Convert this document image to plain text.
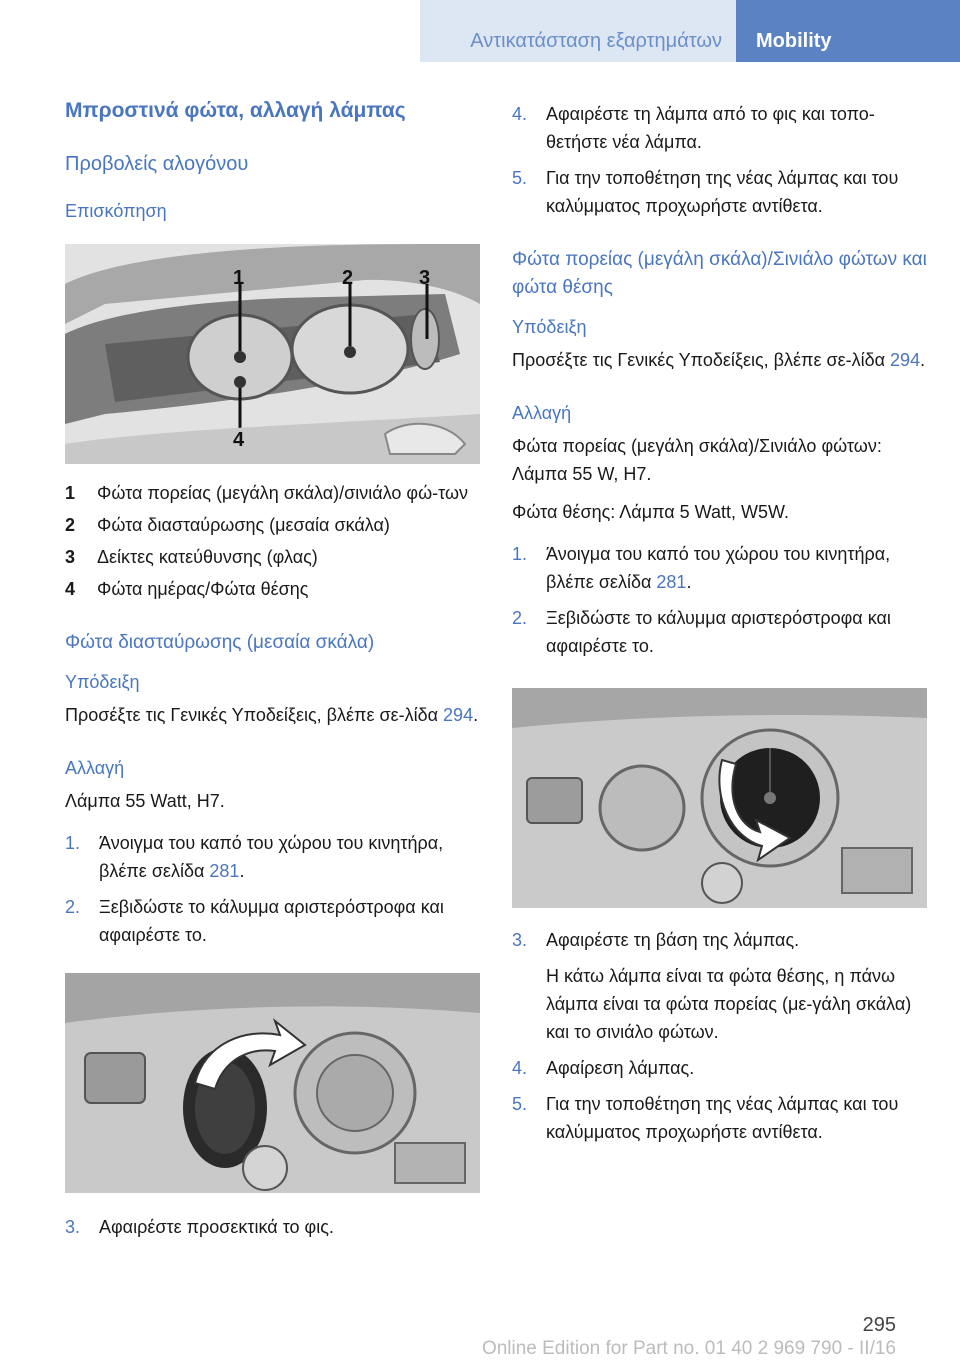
Αντικατάσταση εξαρτημάτων	Mobility
Μπροστινά φώτα, αλλαγή λάμπας
Προβολείς αλογόνου
Επισκόπηση
1	2	3
4
1	Φώτα πορείας (μεγάλη σκάλα)/σινιάλο φώ‐των
2	Φώτα διασταύρωσης (μεσαία σκάλα)
3	Δείκτες κατεύθυνσης (φλας)
4	Φώτα ημέρας/Φώτα θέσης
Φώτα διασταύρωσης (μεσαία σκάλα)
Υπόδειξη
Προσέξτε τις Γενικές Υποδείξεις, βλέπε σε‐λίδα 294.
Αλλαγή
Λάμπα 55 Watt, H7.
1.	Άνοιγμα του καπό του χώρου του κινητήρα, βλέπε σελίδα 281.
2.	Ξεβιδώστε το κάλυμμα αριστερόστροφα και αφαιρέστε το.
3.	Αφαιρέστε προσεκτικά το φις.
4.	Αφαιρέστε τη λάμπα από το φις και τοπο‐θετήστε νέα λάμπα.
5.	Για την τοποθέτηση της νέας λάμπας και του καλύμματος προχωρήστε αντίθετα.
Φώτα πορείας (μεγάλη σκάλα)/Σινιάλο φώτων και φώτα θέσης
Υπόδειξη
Προσέξτε τις Γενικές Υποδείξεις, βλέπε σε‐λίδα 294.
Αλλαγή
Φώτα πορείας (μεγάλη σκάλα)/Σινιάλο φώτων: Λάμπα 55 W, H7.
Φώτα θέσης: Λάμπα 5 Watt, W5W.
1.	Άνοιγμα του καπό του χώρου του κινητήρα, βλέπε σελίδα 281.
2.	Ξεβιδώστε το κάλυμμα αριστερόστροφα και αφαιρέστε το.
3.	Αφαιρέστε τη βάση της λάμπας.
Η κάτω λάμπα είναι τα φώτα θέσης, η πάνω λάμπα είναι τα φώτα πορείας (με‐γάλη σκάλα) και το σινιάλο φώτων.
4.	Αφαίρεση λάμπας.
5.	Για την τοποθέτηση της νέας λάμπας και του καλύμματος προχωρήστε αντίθετα.
295
Online Edition for Part no. 01 40 2 969 790 - II/16
